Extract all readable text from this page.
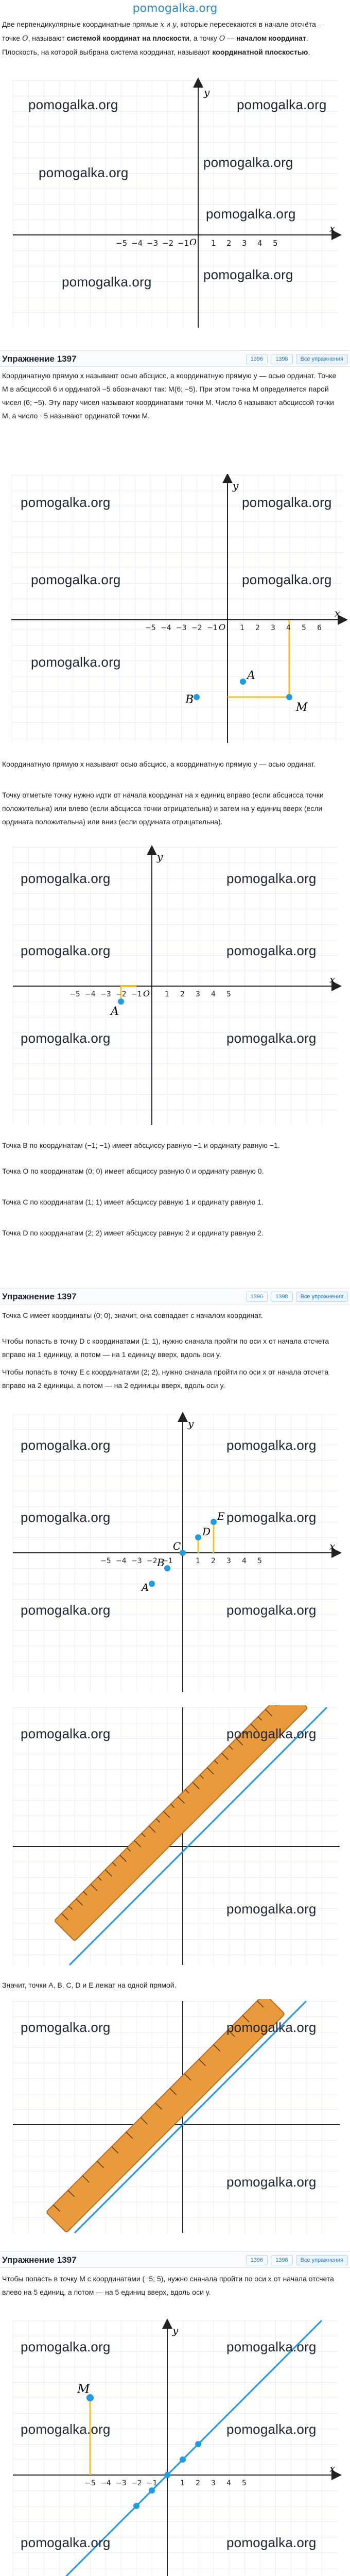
pomogalka.org
Две перпендикулярные координатные прямые x и y, которые пересекаются в начале отсчёта — точке O, называют системой координат на плоскости, а точку O — началом координат. Плоскость, на которой выбрана система координат, называют координатной плоскостью.
x
y
O
−5 −4 −3 −2 −1	1 2 3 4 5
pomogalka.org	pomogalka.org
pomogalka.org
pomogalka.org
pomogalka.org
pomogalka.org
pomogalka.org
Упражнение 1397	1396	1398	Все упражнения
Координатную прямую x называют осью абсцисс, а координатную прямую y — осью ординат. Точке M в абсциссой 6 и ординатой −5 обозначают так: M(6; −5). При этом точка M определяется парой чисел (6; −5). Эту пару чисел называют координатами точки M. Число 6 называют абсциссой точки M, а число −5 называют ординатой точки M.
M
B
A
x
y
O
−5 −4 −3 −2 −1	1 2 3 4 5 6
pomogalka.org	pomogalka.org
pomogalka.org	pomogalka.org
pomogalka.org
Координатную прямую x называют осью абсцисс, а координатную прямую y — осью ординат.
Точку отметьте точку нужно идти от начала координат на x единиц вправо (если абсцисса точки положительна) или влево (если абсцисса точки отрицательна) и затем на y единиц вверх (если ордината положительна) или вниз (если ордината отрицательна).
A
x
y
O
−5 −4 −3 −2 −1	1 2 3 4 5
pomogalka.org	pomogalka.org
pomogalka.org	pomogalka.org
pomogalka.org	pomogalka.org
Точка B по координатам (−1; −1) имеет абсциссу равную −1 и ординату равную −1.
Точка O по координатам (0; 0) имеет абсциссу равную 0 и ординату равную 0.
Точка C по координатам (1; 1) имеет абсциссу равную 1 и ординату равную 1.
Точка D по координатам (2; 2) имеет абсциссу равную 2 и ординату равную 2.
Упражнение 1397	1396	1398	Все упражнения
Точка C имеет координаты (0; 0), значит, она совпадает с началом координат.
Чтобы попасть в точку D с координатами (1; 1), нужно сначала пройти по оси x от начала отсчета вправо на 1 единицу, а потом — на 1 единицу вверх, вдоль оси y.
Чтобы попасть в точку E с координатами (2; 2), нужно сначала пройти по оси x от начала отсчета вправо на 2 единицы, а потом — на 2 единицы вверх, вдоль оси y.
A
B
C
D
E
x
y
−5 −4 −3 −2 −1	1 2 3 4 5
pomogalka.org	pomogalka.org
pomogalka.org	pomogalka.org
pomogalka.org	pomogalka.org
pomogalka.org	pomogalka.org
pomogalka.org
Значит, точки A, B, C, D и E лежат на одной прямой.
pomogalka.org	pomogalka.org
pomogalka.org
Упражнение 1397	1396	1398	Все упражнения
Чтобы попасть в точку M с координатами (−5; 5), нужно сначала пройти по оси x от начала отсчета влево на 5 единиц, а потом — на 5 единиц вверх, вдоль оси y.
M
x
y
−5 −4 −3 −2 −1	1 2 3 4 5
pomogalka.org	pomogalka.org
pomogalka.org	pomogalka.org
pomogalka.org	pomogalka.org
